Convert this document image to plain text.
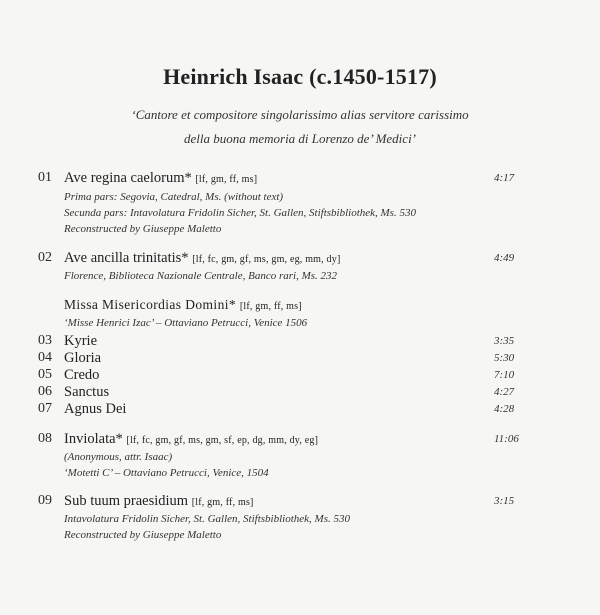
Heinrich Isaac (c.1450-1517)
‘Cantore et compositore singolarissimo alias servitore carissimo
della buona memoria di Lorenzo de’ Medici’
01 Ave regina caelorum* [lf, gm, ff, ms]	4:17
Prima pars: Segovia, Catedral, Ms. (without text)
Secunda pars: Intavolatura Fridolin Sicher, St. Gallen, Stiftsbibliothek, Ms. 530
Reconstructed by Giuseppe Maletto
02 Ave ancilla trinitatis* [lf, fc, gm, gf, ms, gm, eg, mm, dy]	4:49
Florence, Biblioteca Nazionale Centrale, Banco rari, Ms. 232
Missa Misericordias Domini* [lf, gm, ff, ms]
‘Misse Henrici Izac’ – Ottaviano Petrucci, Venice 1506
03 Kyrie	3:35
04 Gloria	5:30
05 Credo	7:10
06 Sanctus	4:27
07 Agnus Dei	4:28
08 Inviolata* [lf, fc, gm, gf, ms, gm, sf, ep, dg, mm, dy, eg]	11:06
(Anonymous, attr. Isaac)
‘Motetti C’ – Ottaviano Petrucci, Venice, 1504
09 Sub tuum praesidium [lf, gm, ff, ms]	3:15
Intavolatura Fridolin Sicher, St. Gallen, Stiftsbibliothek, Ms. 530
Reconstructed by Giuseppe Maletto
